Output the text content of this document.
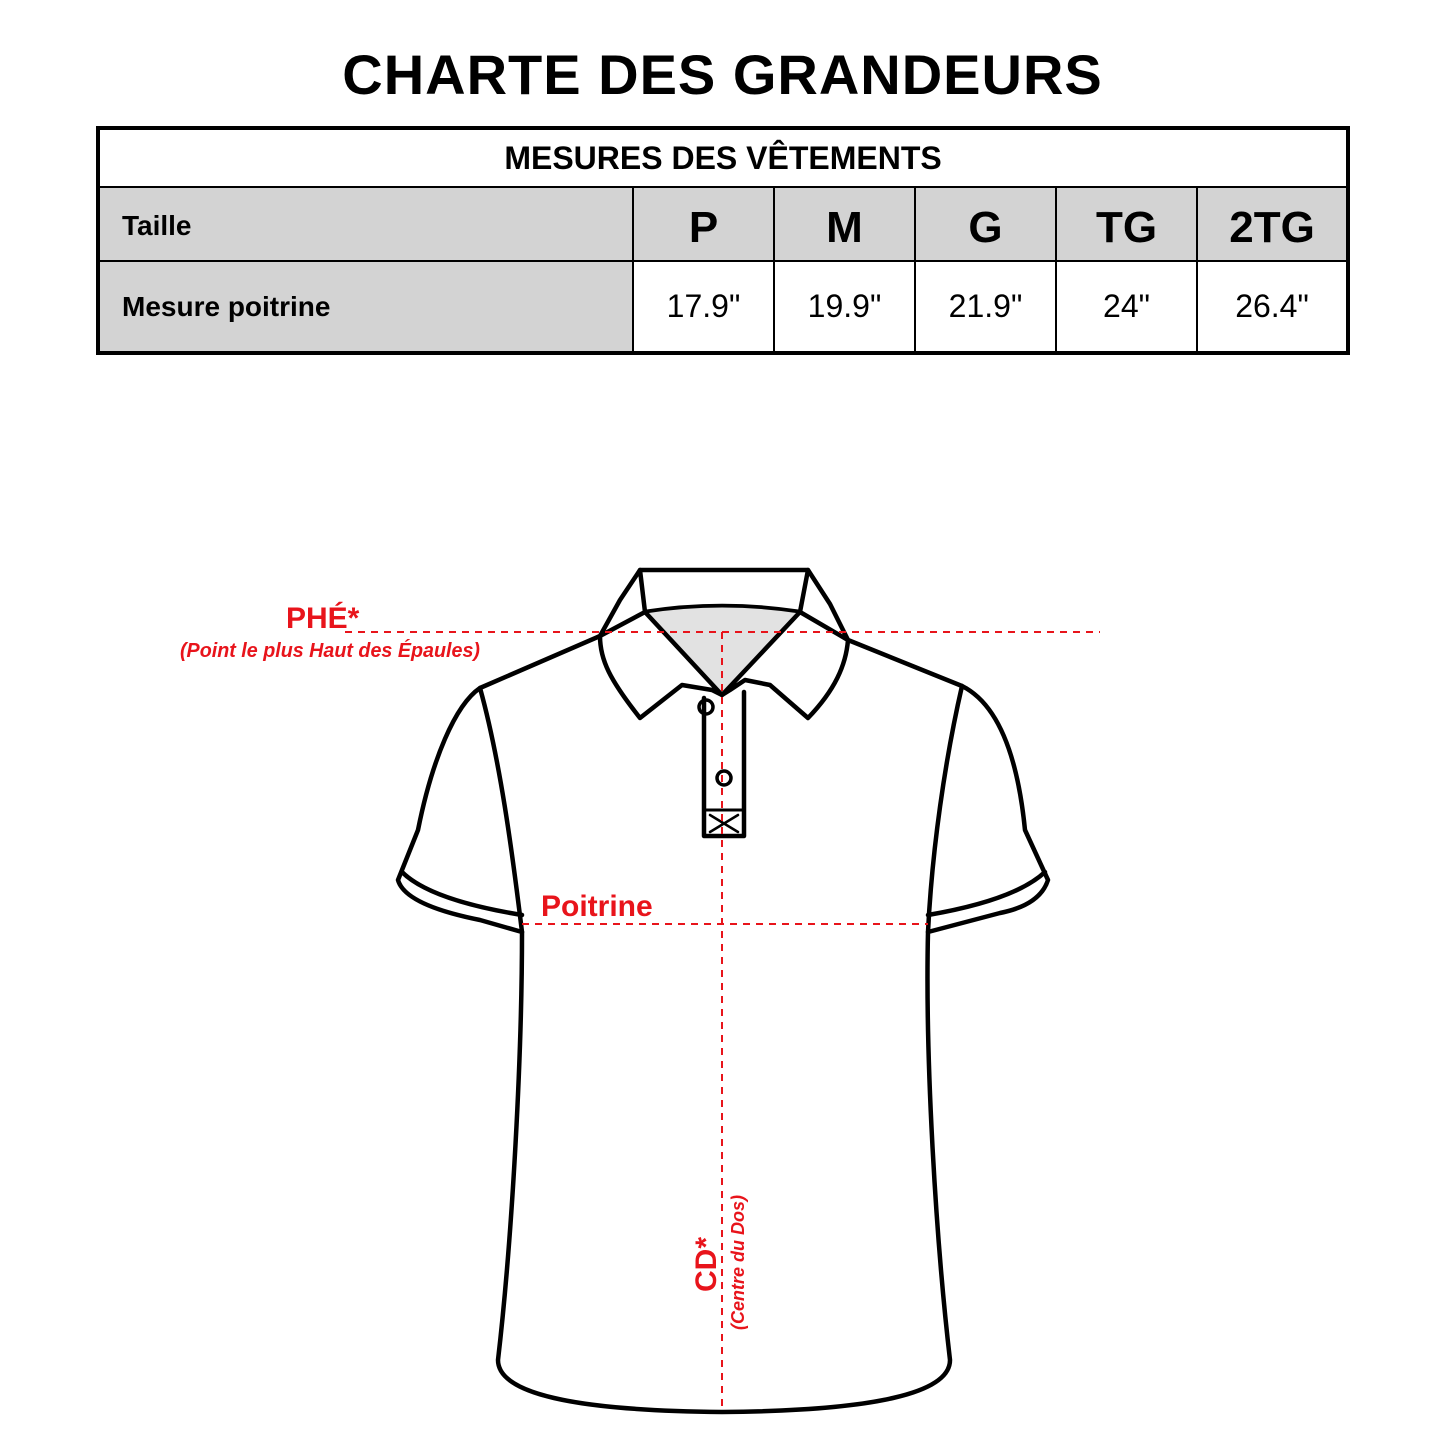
CHARTE DES GRANDEURS
MESURES DES VÊTEMENTS					
Taille	P	M	G	TG	2TG
Mesure poitrine	17.9"	19.9"	21.9"	24"	26.4"
PHÉ*
(Point le plus Haut des Épaules)
Poitrine
CD* (Centre du Dos)
